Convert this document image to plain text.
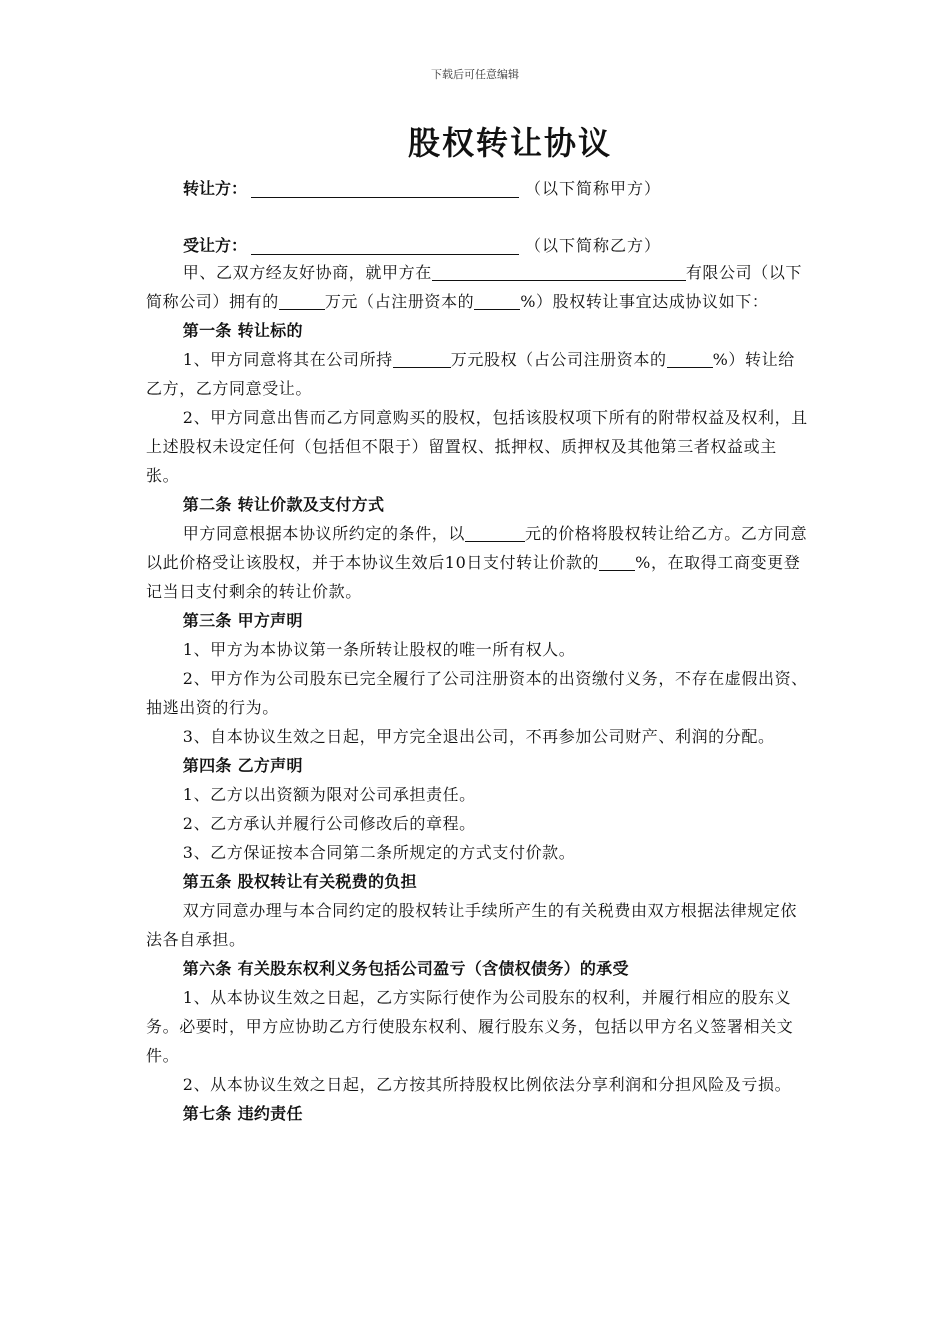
下载后可任意编辑
股权转让协议
转让方：	（以下简称甲方）
受让方：	（以下简称乙方）

甲、乙双方经友好协商，就甲方在	有限公司（以下简称公司）拥有的	万元（占注册资本的	%）股权转让事宜达成协议如下：

第一条 转让标的

1、甲方同意将其在公司所持	万元股权（占公司注册资本的	%）转让给乙方，乙方同意受让。

2、甲方同意出售而乙方同意购买的股权，包括该股权项下所有的附带权益及权利，且上述股权未设定任何（包括但不限于）留置权、抵押权、质押权及其他第三者权益或主张。

第二条 转让价款及支付方式

甲方同意根据本协议所约定的条件，以	元的价格将股权转让给乙方。乙方同意以此价格受让该股权，并于本协议生效后10日支付转让价款的 %，在取得工商变更登记当日支付剩余的转让价款。

第三条 甲方声明

1、甲方为本协议第一条所转让股权的唯一所有权人。

2、甲方作为公司股东已完全履行了公司注册资本的出资缴付义务，不存在虚假出资、抽逃出资的行为。

3、自本协议生效之日起，甲方完全退出公司，不再参加公司财产、利润的分配。

第四条 乙方声明

1、乙方以出资额为限对公司承担责任。

2、乙方承认并履行公司修改后的章程。

3、乙方保证按本合同第二条所规定的方式支付价款。

第五条 股权转让有关税费的负担

双方同意办理与本合同约定的股权转让手续所产生的有关税费由双方根据法律规定依法各自承担。

第六条 有关股东权利义务包括公司盈亏（含债权债务）的承受

1、从本协议生效之日起，乙方实际行使作为公司股东的权利，并履行相应的股东义务。必要时，甲方应协助乙方行使股东权利、履行股东义务，包括以甲方名义签署相关文件。

2、从本协议生效之日起，乙方按其所持股权比例依法分享利润和分担风险及亏损。

第七条 违约责任
